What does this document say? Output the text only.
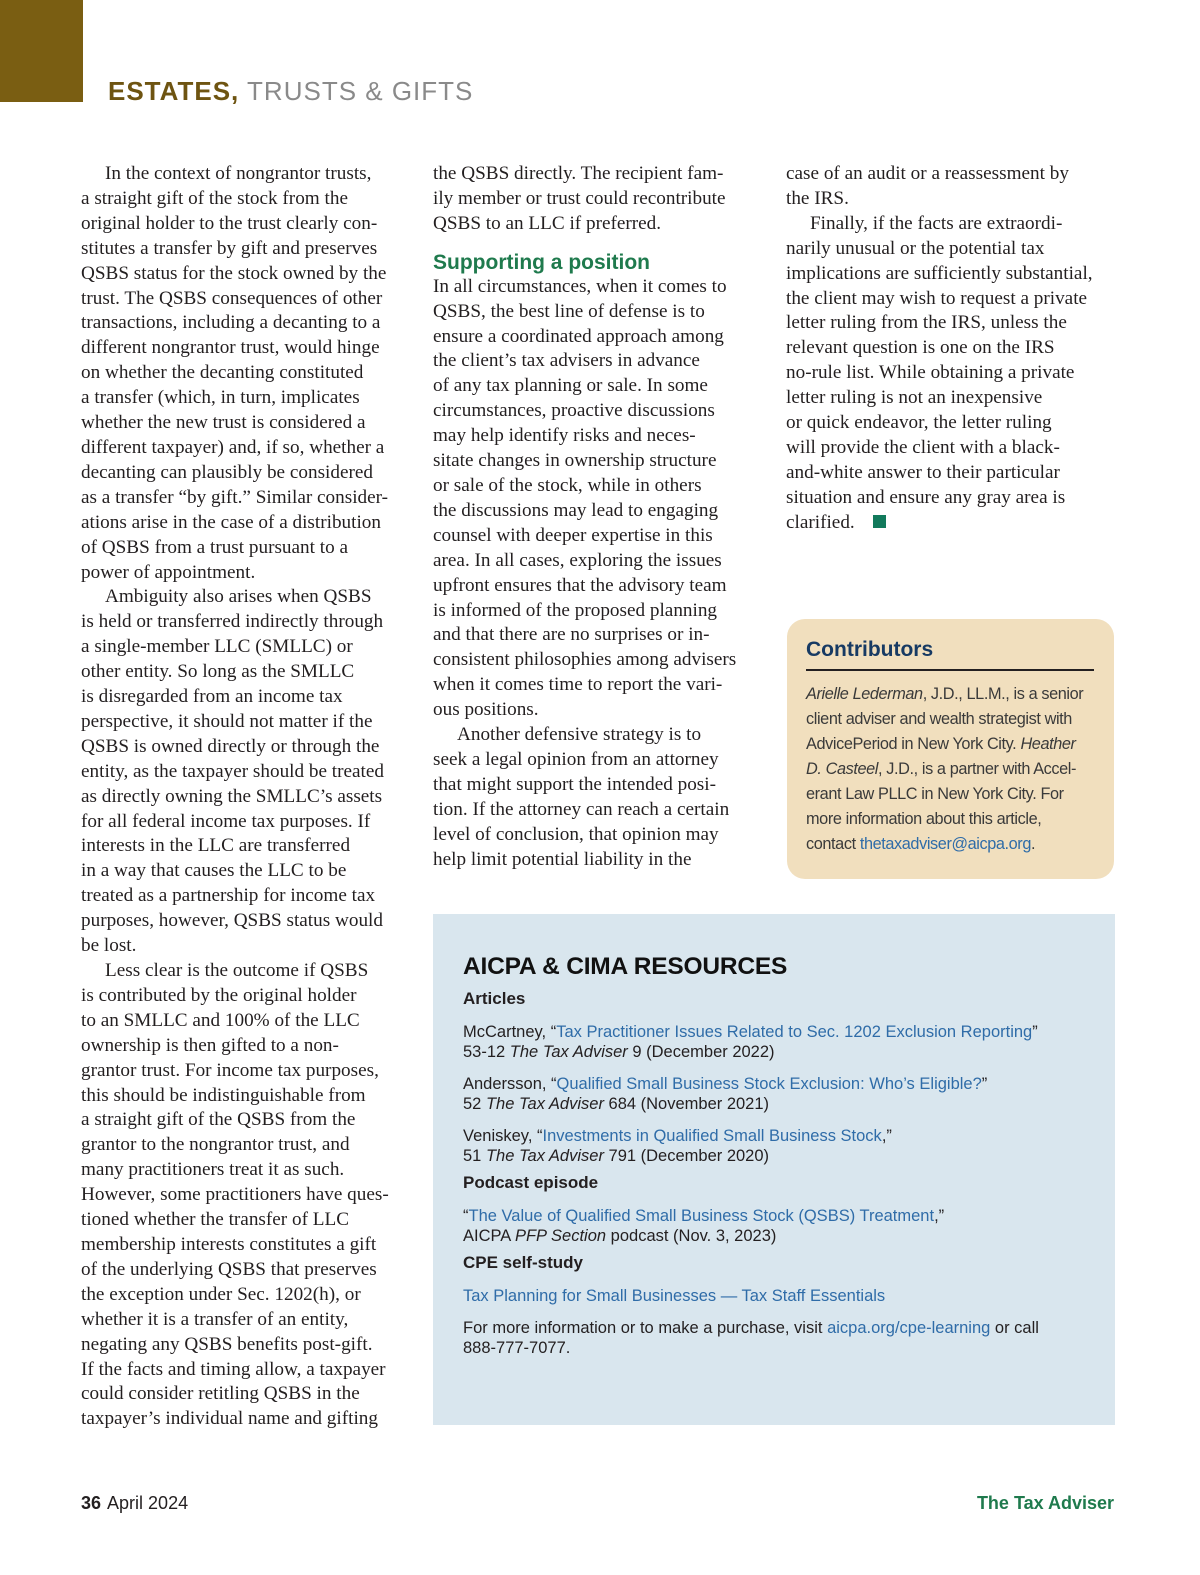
ESTATES, TRUSTS & GIFTS

In the context of nongrantor trusts,
a straight gift of the stock from the
original holder to the trust clearly con-
stitutes a transfer by gift and preserves
QSBS status for the stock owned by the
trust. The QSBS consequences of other
transactions, including a decanting to a
different nongrantor trust, would hinge
on whether the decanting constituted
a transfer (which, in turn, implicates
whether the new trust is considered a
different taxpayer) and, if so, whether a
decanting can plausibly be considered
as a transfer “by gift.” Similar consider-
ations arise in the case of a distribution
of QSBS from a trust pursuant to a
power of appointment.

Ambiguity also arises when QSBS
is held or transferred indirectly through
a single-member LLC (SMLLC) or
other entity. So long as the SMLLC
is disregarded from an income tax
perspective, it should not matter if the
QSBS is owned directly or through the
entity, as the taxpayer should be treated
as directly owning the SMLLC’s assets
for all federal income tax purposes. If
interests in the LLC are transferred
in a way that causes the LLC to be
treated as a partnership for income tax
purposes, however, QSBS status would
be lost.

Less clear is the outcome if QSBS
is contributed by the original holder
to an SMLLC and 100% of the LLC
ownership is then gifted to a non-
grantor trust. For income tax purposes,
this should be indistinguishable from
a straight gift of the QSBS from the
grantor to the nongrantor trust, and
many practitioners treat it as such.
However, some practitioners have ques-
tioned whether the transfer of LLC
membership interests constitutes a gift
of the underlying QSBS that preserves
the exception under Sec. 1202(h), or
whether it is a transfer of an entity,
negating any QSBS benefits post-gift.
If the facts and timing allow, a taxpayer
could consider retitling QSBS in the
taxpayer’s individual name and gifting

the QSBS directly. The recipient fam-
ily member or trust could recontribute
QSBS to an LLC if preferred.

Supporting a position

In all circumstances, when it comes to
QSBS, the best line of defense is to
ensure a coordinated approach among
the client’s tax advisers in advance
of any tax planning or sale. In some
circumstances, proactive discussions
may help identify risks and neces-
sitate changes in ownership structure
or sale of the stock, while in others
the discussions may lead to engaging
counsel with deeper expertise in this
area. In all cases, exploring the issues
upfront ensures that the advisory team
is informed of the proposed planning
and that there are no surprises or in-
consistent philosophies among advisers
when it comes time to report the vari-
ous positions.

Another defensive strategy is to
seek a legal opinion from an attorney
that might support the intended posi-
tion. If the attorney can reach a certain
level of conclusion, that opinion may
help limit potential liability in the

case of an audit or a reassessment by
the IRS.

Finally, if the facts are extraordi-
narily unusual or the potential tax
implications are sufficiently substantial,
the client may wish to request a private
letter ruling from the IRS, unless the
relevant question is one on the IRS
no-rule list. While obtaining a private
letter ruling is not an inexpensive
or quick endeavor, the letter ruling
will provide the client with a black-
and-white answer to their particular
situation and ensure any gray area is
clarified.

Contributors
Arielle Lederman, J.D., LL.M., is a senior
client adviser and wealth strategist with
AdvicePeriod in New York City. Heather
D. Casteel, J.D., is a partner with Accel-
erant Law PLLC in New York City. For
more information about this article,
contact thetaxadviser@aicpa.org.
AICPA & CIMA RESOURCES
Articles
McCartney, “Tax Practitioner Issues Related to Sec. 1202 Exclusion Reporting”
53-12 The Tax Adviser 9 (December 2022)
Andersson, “Qualified Small Business Stock Exclusion: Who’s Eligible?”
52 The Tax Adviser 684 (November 2021)
Veniskey, “Investments in Qualified Small Business Stock,”
51 The Tax Adviser 791 (December 2020)
Podcast episode
“The Value of Qualified Small Business Stock (QSBS) Treatment,”
AICPA PFP Section podcast (Nov. 3, 2023)
CPE self-study
Tax Planning for Small Businesses — Tax Staff Essentials
For more information or to make a purchase, visit aicpa.org/cpe-learning or call
888-777-7077.
36 April 2024	The Tax Adviser
